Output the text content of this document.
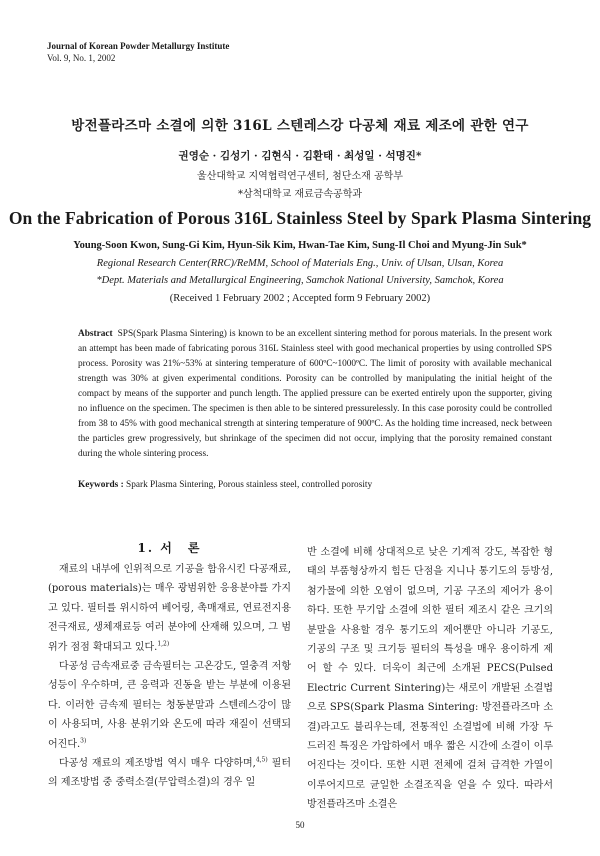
Journal of Korean Powder Metallurgy Institute
Vol. 9, No. 1, 2002
방전플라즈마 소결에 의한 316L 스텐레스강 다공체 재료 제조에 관한 연구
권영순 · 김성기 · 김현식 · 김환태 · 최성일 · 석명진*
울산대학교 지역협력연구센터, 첨단소재 공학부
*삼척대학교 재료금속공학과
On the Fabrication of Porous 316L Stainless Steel by Spark Plasma Sintering
Young-Soon Kwon, Sung-Gi Kim, Hyun-Sik Kim, Hwan-Tae Kim, Sung-Il Choi and Myung-Jin Suk*
Regional Research Center(RRC)/ReMM, School of Materials Eng., Univ. of Ulsan, Ulsan, Korea
*Dept. Materials and Metallurgical Engineering, Samchok National University, Samchok, Korea
(Received 1 February 2002 ; Accepted form 9 February 2002)
Abstract SPS(Spark Plasma Sintering) is known to be an excellent sintering method for porous materials. In the present work an attempt has been made of fabricating porous 316L Stainless steel with good mechanical properties by using controlled SPS process. Porosity was 21%~53% at sintering temperature of 600ºC~1000ºC. The limit of porosity with available mechanical strength was 30% at given experimental conditions. Porosity can be controlled by manipulating the initial height of the compact by means of the supporter and punch length. The applied pressure can be exerted entirely upon the supporter, giving no influence on the specimen. The specimen is then able to be sintered pressurelessly. In this case porosity could be controlled from 38 to 45% with good mechanical strength at sintering temperature of 900ºC. As the holding time increased, neck between the particles grew progressively, but shrinkage of the specimen did not occur, implying that the porosity remained constant during the whole sintering process.
Keywords : Spark Plasma Sintering, Porous stainless steel, controlled porosity
1. 서　론

재료의 내부에 인위적으로 기공을 함유시킨 다공재료,(porous materials)는 매우 광범위한 응용분야를 가지고 있다. 필터를 위시하여 베어링, 촉매재료, 연료전지용 전극재료, 생체재료등 여러 분야에 산재해 있으며, 그 범위가 점점 확대되고 있다.$^{1,2)}$

다공성 금속재료중 금속필터는 고온강도, 열충격 저항성등이 우수하며, 큰 응력과 진동을 받는 부분에 이용된다. 이러한 금속제 필터는 청동분말과 스텐레스강이 많이 사용되며, 사용 분위기와 온도에 따라 재질이 선택되어진다.$^{3)}$

다공성 재료의 제조방법 역시 매우 다양하며,$^{4,5)}$ 필터의 제조방법 중 중력소결(무압력소결)의 경우 일

반 소결에 비해 상대적으로 낮은 기계적 강도, 복잡한 형태의 부품형상까지 힘든 단점을 지니나 통기도의 등방성, 첨가물에 의한 오염이 없으며, 기공 구조의 제어가 용이하다. 또한 무기압 소결에 의한 필터 제조시 같은 크기의 분말을 사용할 경우 통기도의 제어뿐만 아니라 기공도, 기공의 구조 및 크기등 필터의 특성을 매우 용이하게 제어 할 수 있다. 더욱이 최근에 소개된 PECS(Pulsed Electric Current Sintering)는 새로이 개발된 소결법으로 SPS(Spark Plasma Sintering: 방전플라즈마 소결)라고도 불리우는데, 전통적인 소결법에 비해 가장 두드러진 특징은 가압하에서 매우 짧은 시간에 소결이 이루어진다는 것이다. 또한 시편 전체에 걸쳐 급격한 가열이 이루어지므로 균일한 소결조직을 얻을 수 있다. 따라서 방전플라즈마 소결은

50
